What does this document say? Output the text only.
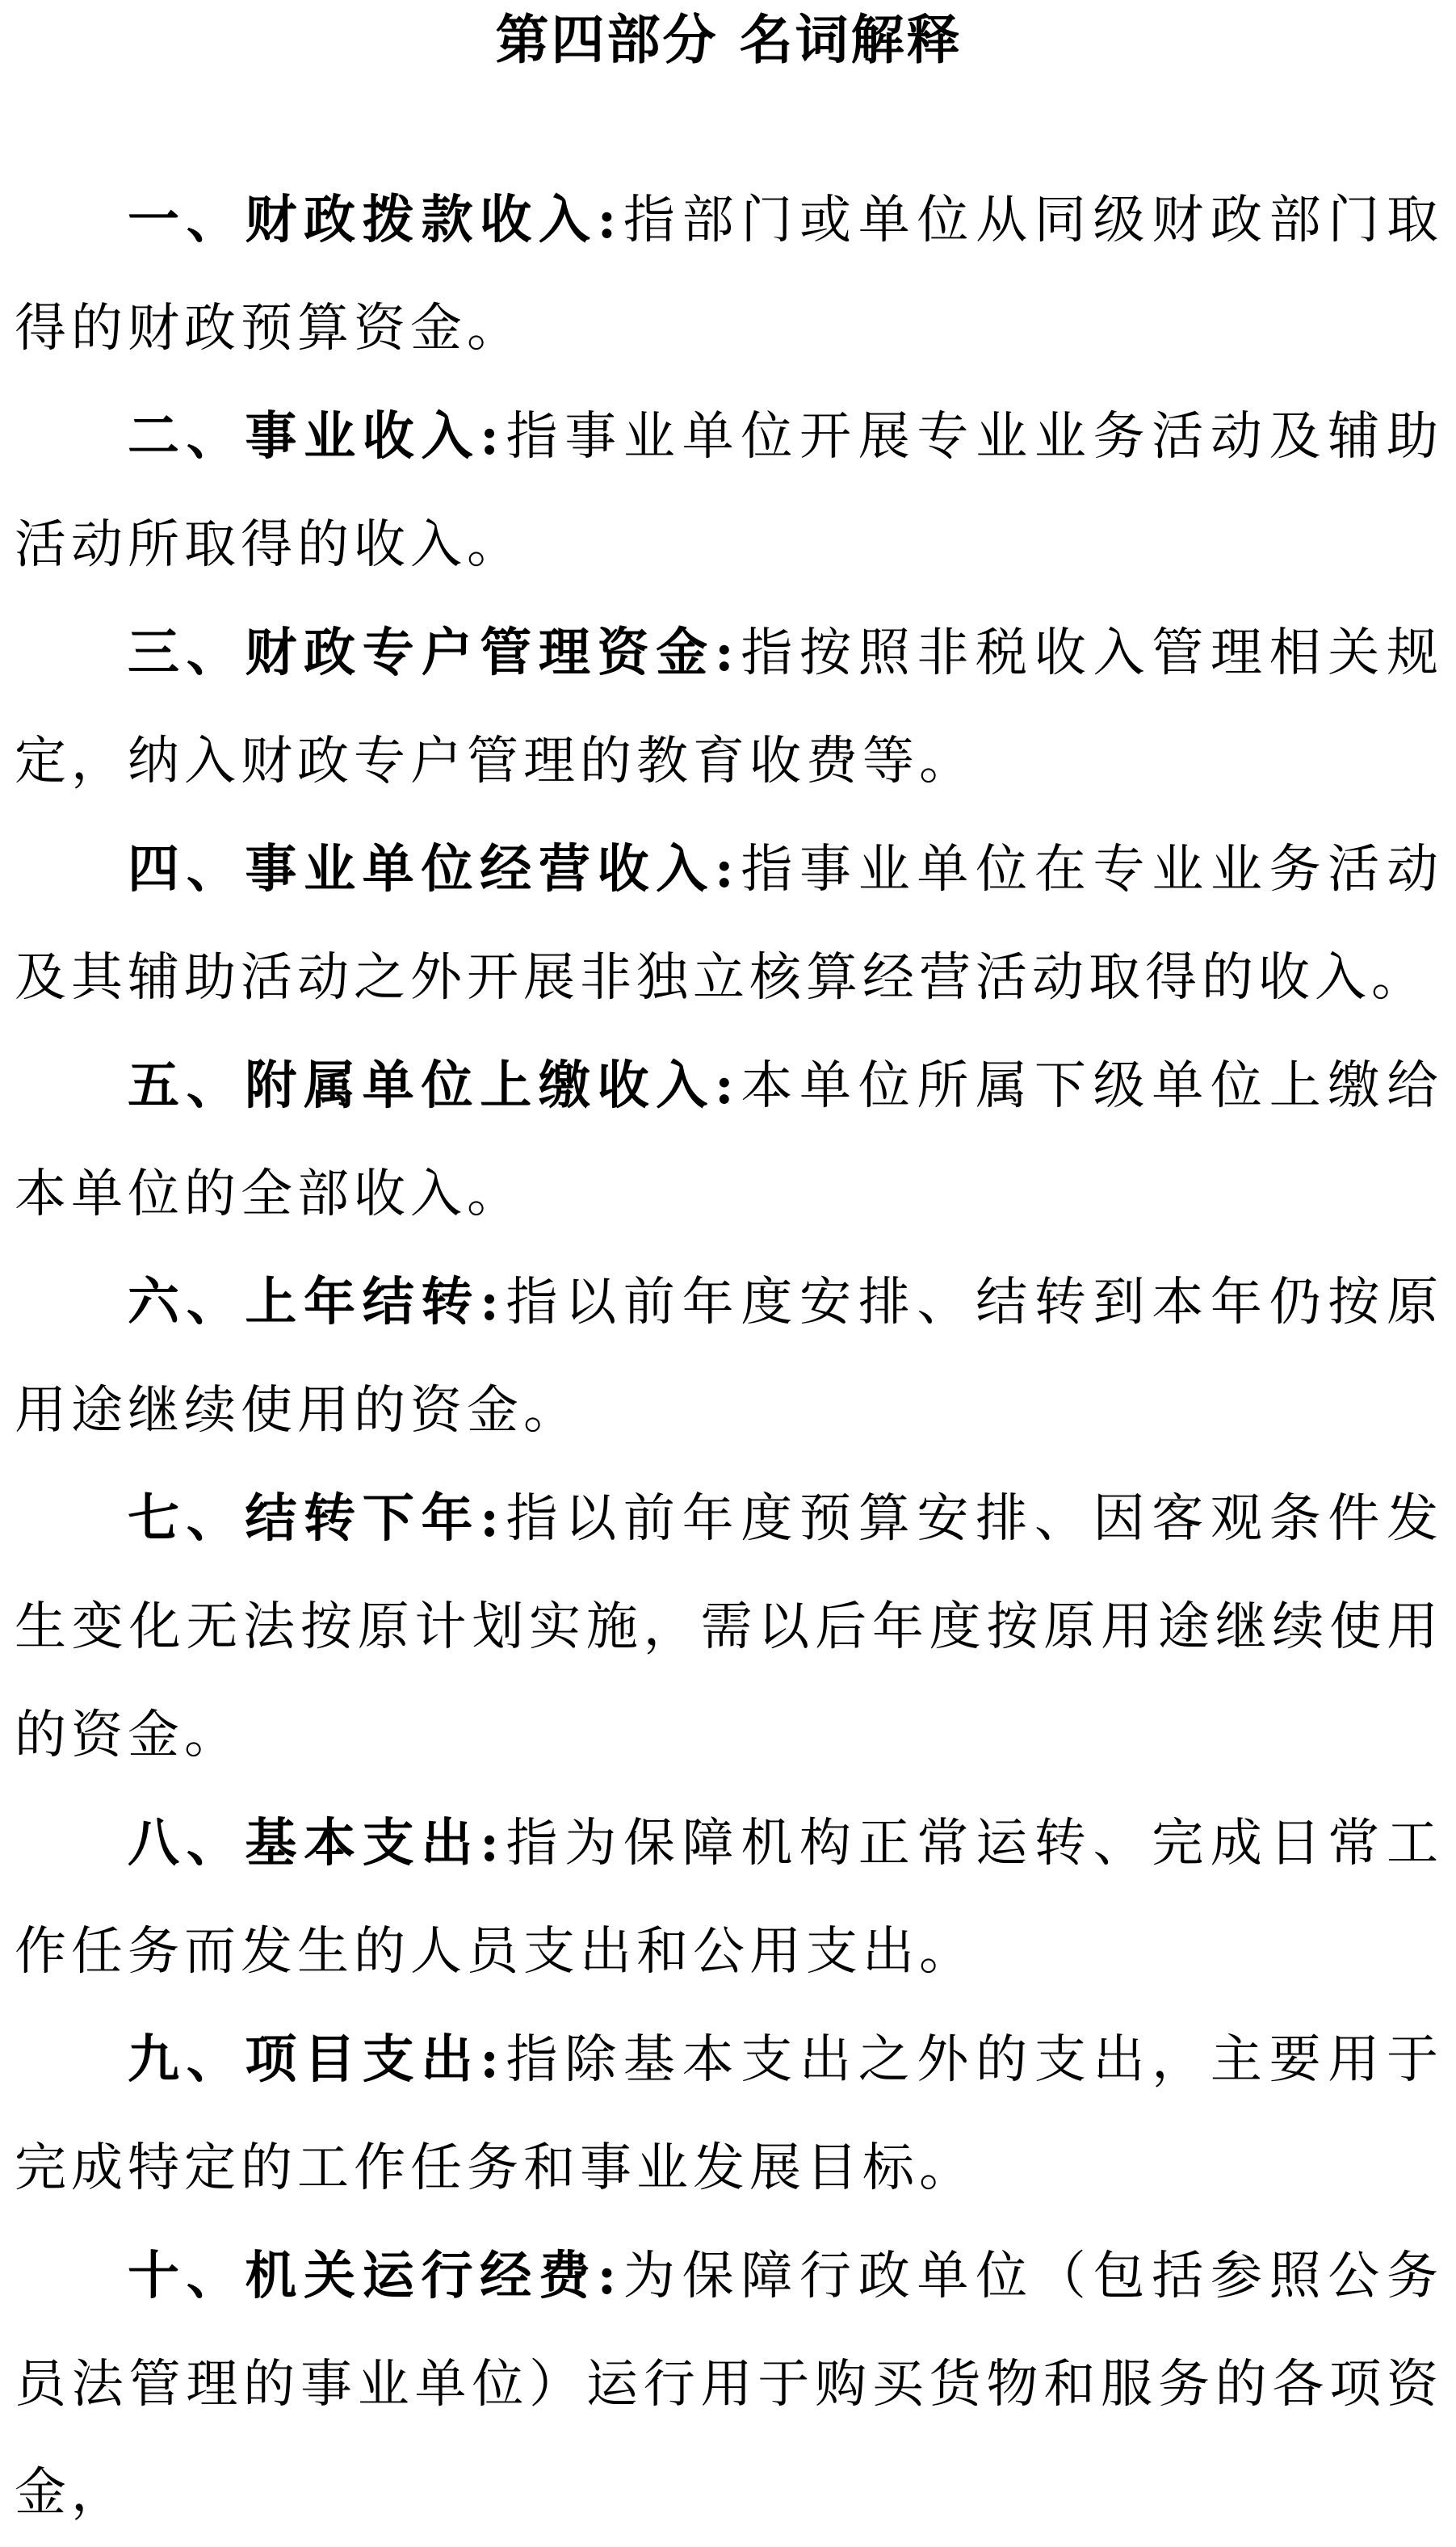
第四部分 名词解释

一、财政拨款收入:指部门或单位从同级财政部门取得的财政预算资金。

二、事业收入:指事业单位开展专业业务活动及辅助活动所取得的收入。

三、财政专户管理资金:指按照非税收入管理相关规定，纳入财政专户管理的教育收费等。

四、事业单位经营收入:指事业单位在专业业务活动及其辅助活动之外开展非独立核算经营活动取得的收入。

五、附属单位上缴收入:本单位所属下级单位上缴给本单位的全部收入。

六、上年结转:指以前年度安排、结转到本年仍按原用途继续使用的资金。

七、结转下年:指以前年度预算安排、因客观条件发生变化无法按原计划实施，需以后年度按原用途继续使用的资金。

八、基本支出:指为保障机构正常运转、完成日常工作任务而发生的人员支出和公用支出。

九、项目支出:指除基本支出之外的支出，主要用于完成特定的工作任务和事业发展目标。

十、机关运行经费:为保障行政单位（包括参照公务员法管理的事业单位）运行用于购买货物和服务的各项资金，
